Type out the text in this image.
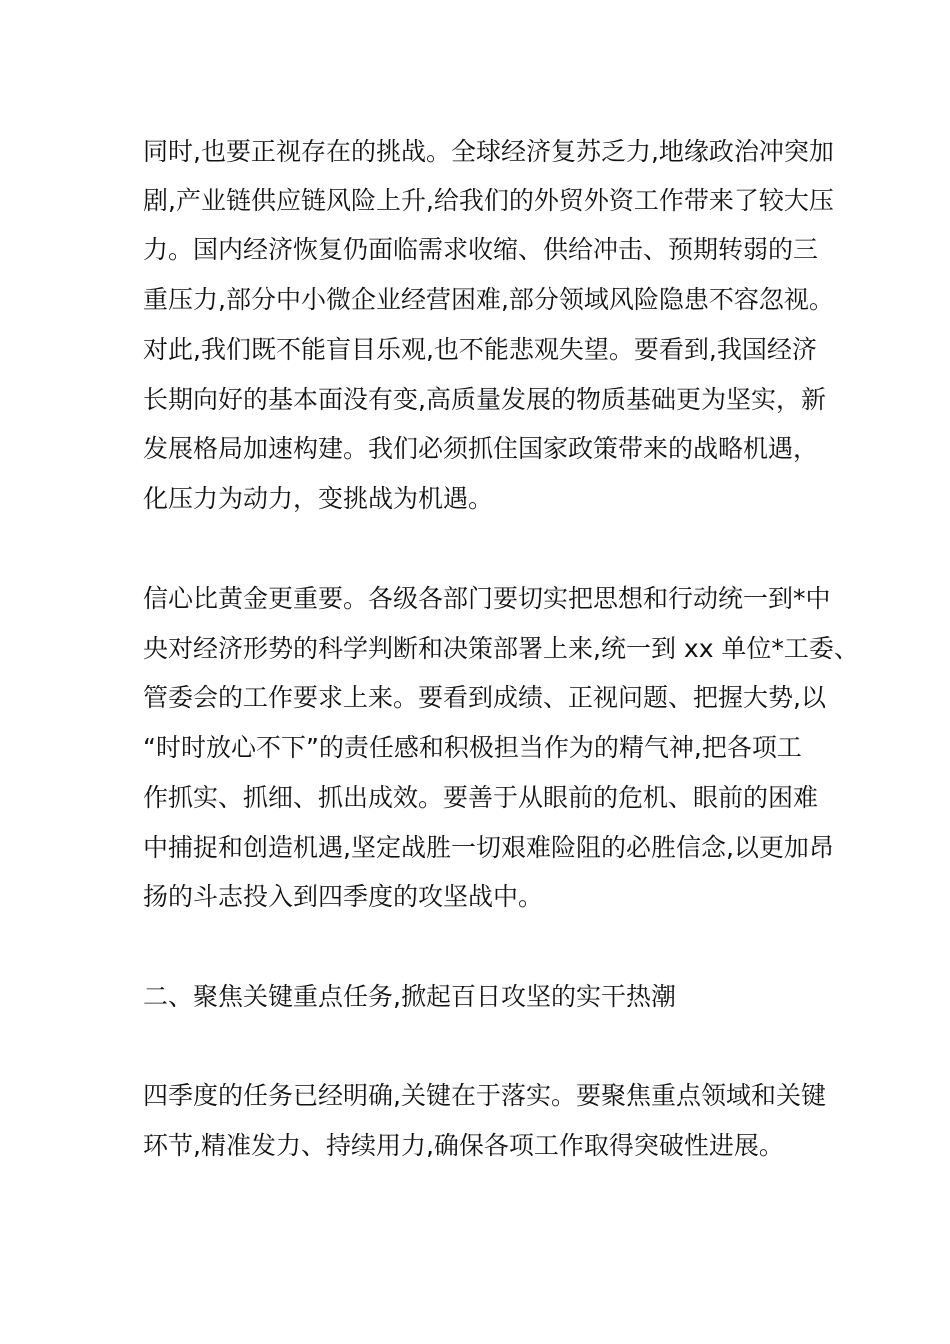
同时,也要正视存在的挑战。全球经济复苏乏力,地缘政治冲突加
剧,产业链供应链风险上升,给我们的外贸外资工作带来了较大压
力。国内经济恢复仍面临需求收缩、供给冲击、预期转弱的三
重压力,部分中小微企业经营困难,部分领域风险隐患不容忽视。
对此,我们既不能盲目乐观,也不能悲观失望。要看到,我国经济
长期向好的基本面没有变,高质量发展的物质基础更为坚实，新
发展格局加速构建。我们必须抓住国家政策带来的战略机遇，
化压力为动力，变挑战为机遇。
信心比黄金更重要。各级各部门要切实把思想和行动统一到*中
央对经济形势的科学判断和决策部署上来,统一到 xx 单位*工委、
管委会的工作要求上来。要看到成绩、正视问题、把握大势,以
“时时放心不下”的责任感和积极担当作为的精气神,把各项工
作抓实、抓细、抓出成效。要善于从眼前的危机、眼前的困难
中捕捉和创造机遇,坚定战胜一切艰难险阻的必胜信念,以更加昂
扬的斗志投入到四季度的攻坚战中。
二、聚焦关键重点任务,掀起百日攻坚的实干热潮
四季度的任务已经明确,关键在于落实。要聚焦重点领域和关键
环节,精准发力、持续用力,确保各项工作取得突破性进展。
